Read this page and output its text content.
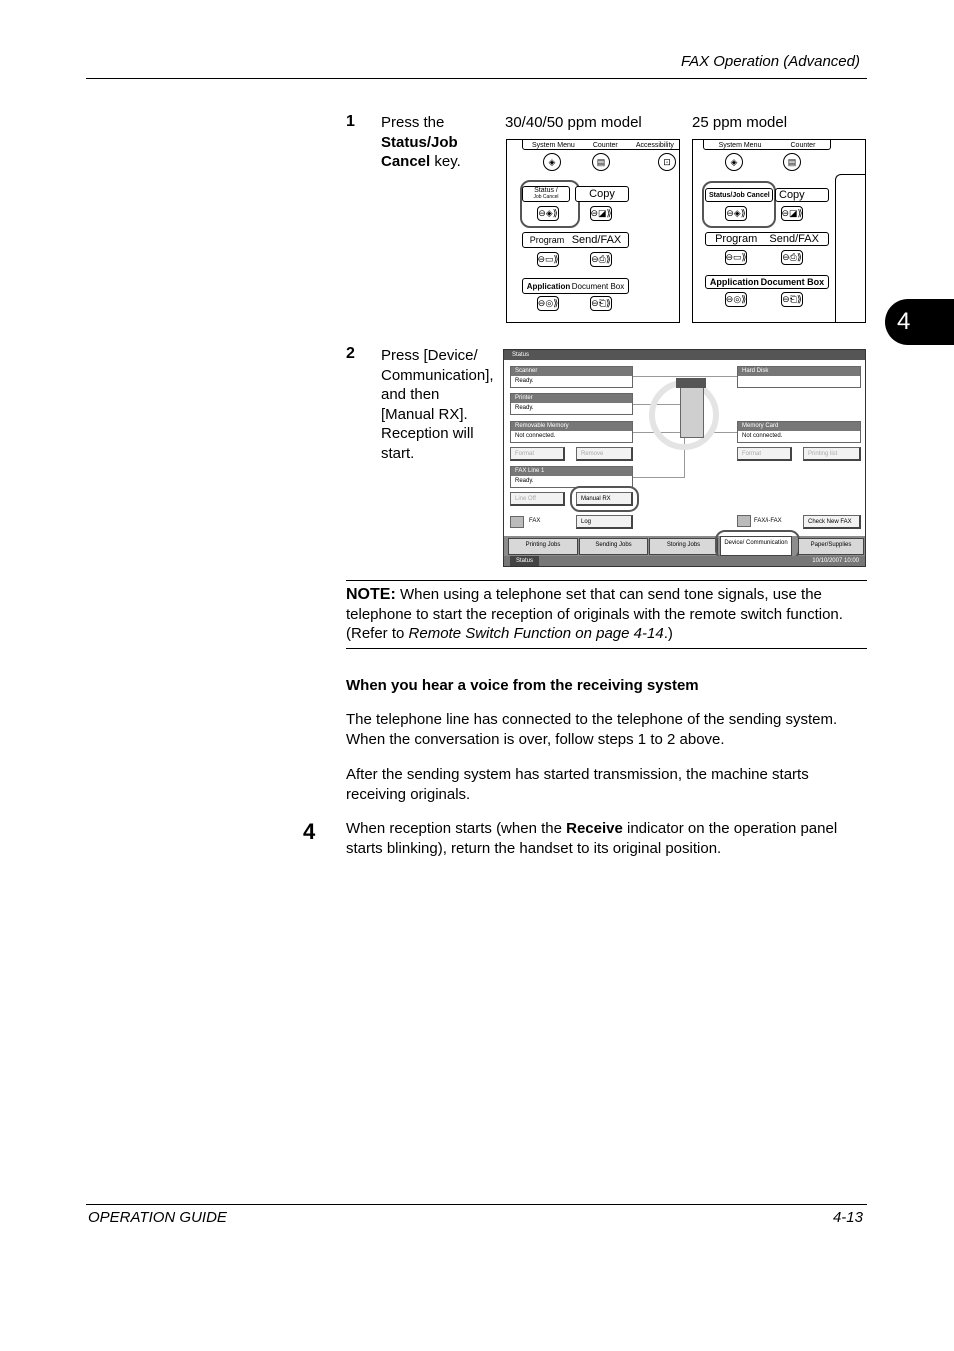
FAX Operation (Advanced)
4
1 Press the
Status/Job
Cancel key.
30/40/50 ppm model	25 ppm model
System Menu	Counter	Accessibility
◈	▤	⊡
Status /
Job Cancel
⊖◈⟫
Copy
⊖◪⟫
Program Send/FAX
⊖▭⟫	⊖⎙⟫
Application Document Box
⊖◎⟫	⊖⎗⟫
System Menu	Counter
◈	▤
Status/Job Cancel
⊖◈⟫
Copy
⊖◪⟫
Program Send/FAX
⊖▭⟫	⊖⎙⟫
Application Document Box
⊖◎⟫	⊖⎗⟫
2 Press [Device/
Communication],
and then
[Manual RX].
Reception will
start.
Status
Scanner
Ready.
Printer
Ready.
Removable Memory
Not connected.
Format	Remove
FAX Line 1
Ready.
Line Off	Manual RX
FAX	Log
Hard Disk
Memory Card
Not connected.
Format	Printing list
FAX/i-FAX	Check New FAX
Printing Jobs	Sending Jobs	Storing Jobs	Device/ Communication	Paper/Supplies
Status	10/10/2007 10:00
NOTE: When using a telephone set that can send tone signals, use the telephone to start the reception of originals with the remote switch function. (Refer to Remote Switch Function on page 4-14.)
When you hear a voice from the receiving system
The telephone line has connected to the telephone of the sending system. When the conversation is over, follow steps 1 to 2 above.
After the sending system has started transmission, the machine starts receiving originals.
4 When reception starts (when the Receive indicator on the operation panel starts blinking), return the handset to its original position.
OPERATION GUIDE	4-13
